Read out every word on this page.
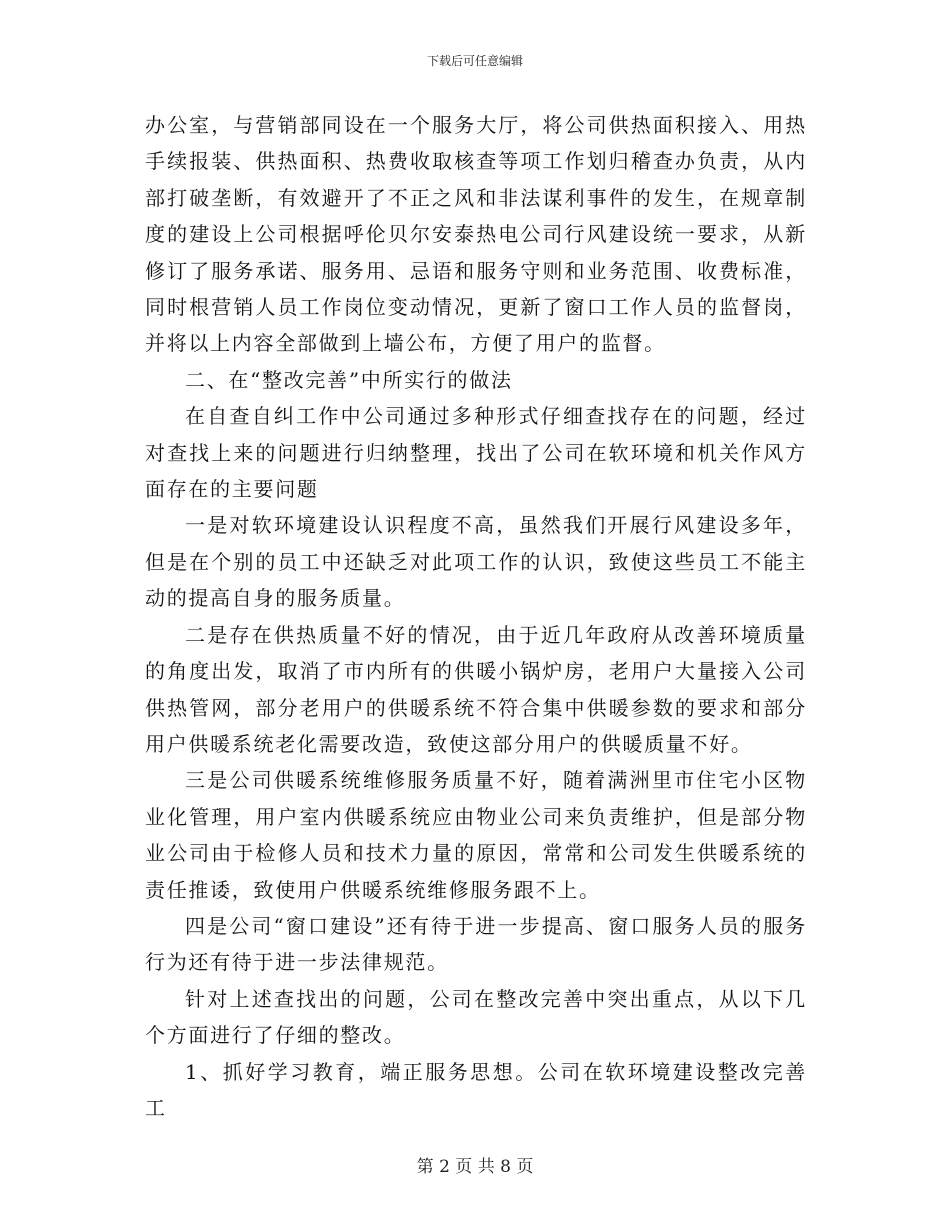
下载后可任意编辑

办公室，与营销部同设在一个服务大厅，将公司供热面积接入、用热手续报装、供热面积、热费收取核查等项工作划归稽查办负责，从内部打破垄断，有效避开了不正之风和非法谋利事件的发生，在规章制度的建设上公司根据呼伦贝尔安泰热电公司行风建设统一要求，从新修订了服务承诺、服务用、忌语和服务守则和业务范围、收费标准，同时根营销人员工作岗位变动情况，更新了窗口工作人员的监督岗，并将以上内容全部做到上墙公布，方便了用户的监督。

二、在“整改完善”中所实行的做法

在自查自纠工作中公司通过多种形式仔细查找存在的问题，经过对查找上来的问题进行归纳整理，找出了公司在软环境和机关作风方面存在的主要问题

一是对软环境建设认识程度不高，虽然我们开展行风建设多年，但是在个别的员工中还缺乏对此项工作的认识，致使这些员工不能主动的提高自身的服务质量。

二是存在供热质量不好的情况，由于近几年政府从改善环境质量的角度出发，取消了市内所有的供暖小锅炉房，老用户大量接入公司供热管网，部分老用户的供暖系统不符合集中供暖参数的要求和部分用户供暖系统老化需要改造，致使这部分用户的供暖质量不好。

三是公司供暖系统维修服务质量不好，随着满洲里市住宅小区物业化管理，用户室内供暖系统应由物业公司来负责维护，但是部分物业公司由于检修人员和技术力量的原因，常常和公司发生供暖系统的责任推诿，致使用户供暖系统维修服务跟不上。

四是公司“窗口建设”还有待于进一步提高、窗口服务人员的服务行为还有待于进一步法律规范。

针对上述查找出的问题，公司在整改完善中突出重点，从以下几个方面进行了仔细的整改。

1、抓好学习教育，端正服务思想。公司在软环境建设整改完善工

第 2 页 共 8 页
